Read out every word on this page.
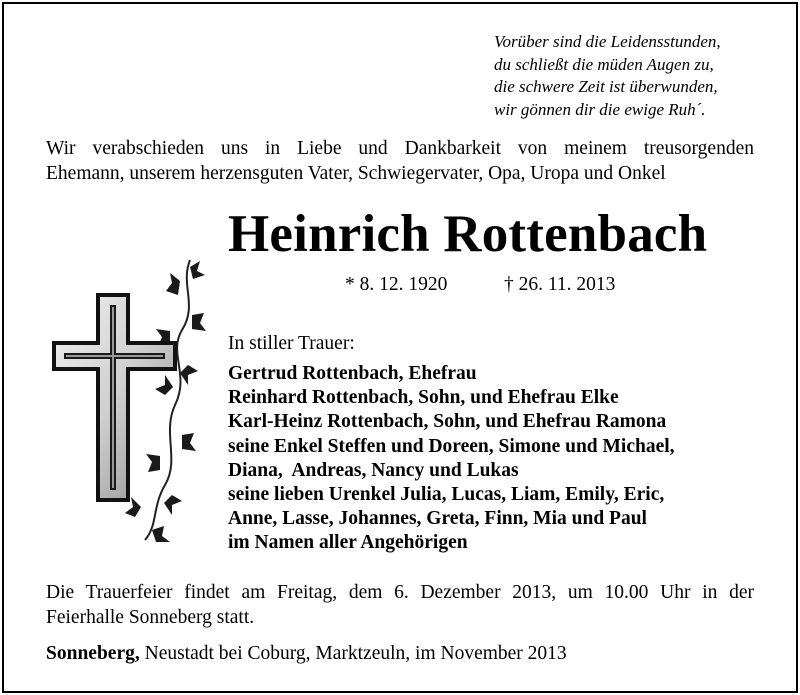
Vorüber sind die Leidensstunden,
du schließt die müden Augen zu,
die schwere Zeit ist überwunden,
wir gönnen dir die ewige Ruh´.
Wir verabschieden uns in Liebe und Dankbarkeit von meinem treusorgenden
Ehemann, unserem herzensguten Vater, Schwiegervater, Opa, Uropa und Onkel
Heinrich Rottenbach
* 8. 12. 1920	† 26. 11. 2013
In stiller Trauer:
Gertrud Rottenbach, Ehefrau
Reinhard Rottenbach, Sohn, und Ehefrau Elke
Karl-Heinz Rottenbach, Sohn, und Ehefrau Ramona
seine Enkel Steffen und Doreen, Simone und Michael,
Diana,  Andreas, Nancy und Lukas
seine lieben Urenkel Julia, Lucas, Liam, Emily, Eric,
Anne, Lasse, Johannes, Greta, Finn, Mia und Paul
im Namen aller Angehörigen
Die Trauerfeier findet am Freitag, dem 6. Dezember 2013, um 10.00 Uhr in der
Feierhalle Sonneberg statt.
Sonneberg, Neustadt bei Coburg, Marktzeuln, im November 2013
